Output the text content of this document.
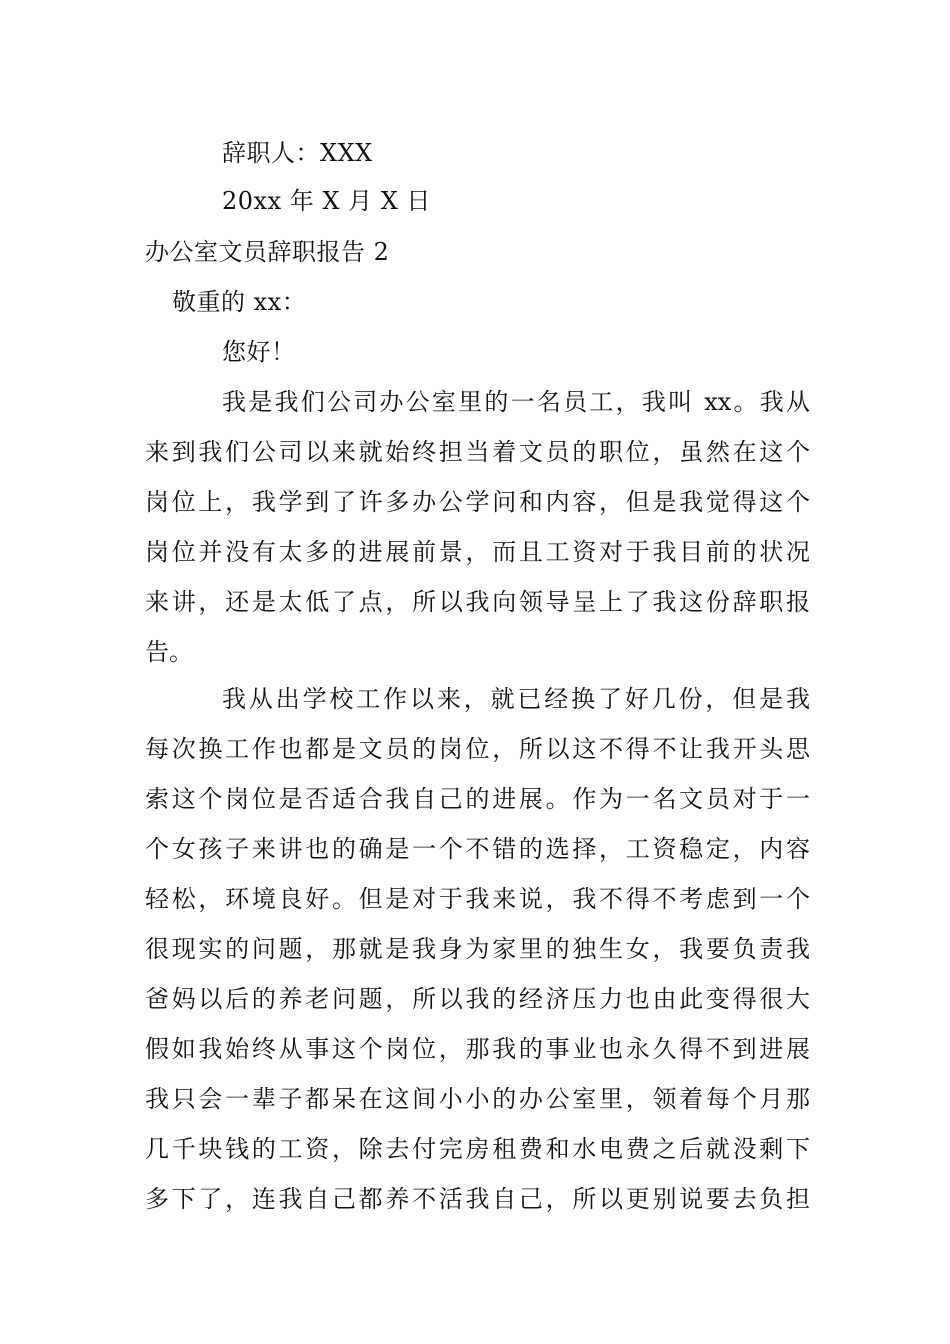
辞职人：XXX
20xx 年 X 月 X 日
办公室文员辞职报告 2
敬重的 xx：
您好！
我是我们公司办公室里的一名员工，我叫 xx。我从
来到我们公司以来就始终担当着文员的职位，虽然在这个
岗位上，我学到了许多办公学问和内容，但是我觉得这个
岗位并没有太多的进展前景，而且工资对于我目前的状况
来讲，还是太低了点，所以我向领导呈上了我这份辞职报
告。
我从出学校工作以来，就已经换了好几份，但是我
每次换工作也都是文员的岗位，所以这不得不让我开头思
索这个岗位是否适合我自己的进展。作为一名文员对于一
个女孩子来讲也的确是一个不错的选择，工资稳定，内容
轻松，环境良好。但是对于我来说，我不得不考虑到一个
很现实的问题，那就是我身为家里的独生女，我要负责我
爸妈以后的养老问题，所以我的经济压力也由此变得很大
假如我始终从事这个岗位，那我的事业也永久得不到进展
我只会一辈子都呆在这间小小的办公室里，领着每个月那
几千块钱的工资，除去付完房租费和水电费之后就没剩下
多下了，连我自己都养不活我自己，所以更别说要去负担
